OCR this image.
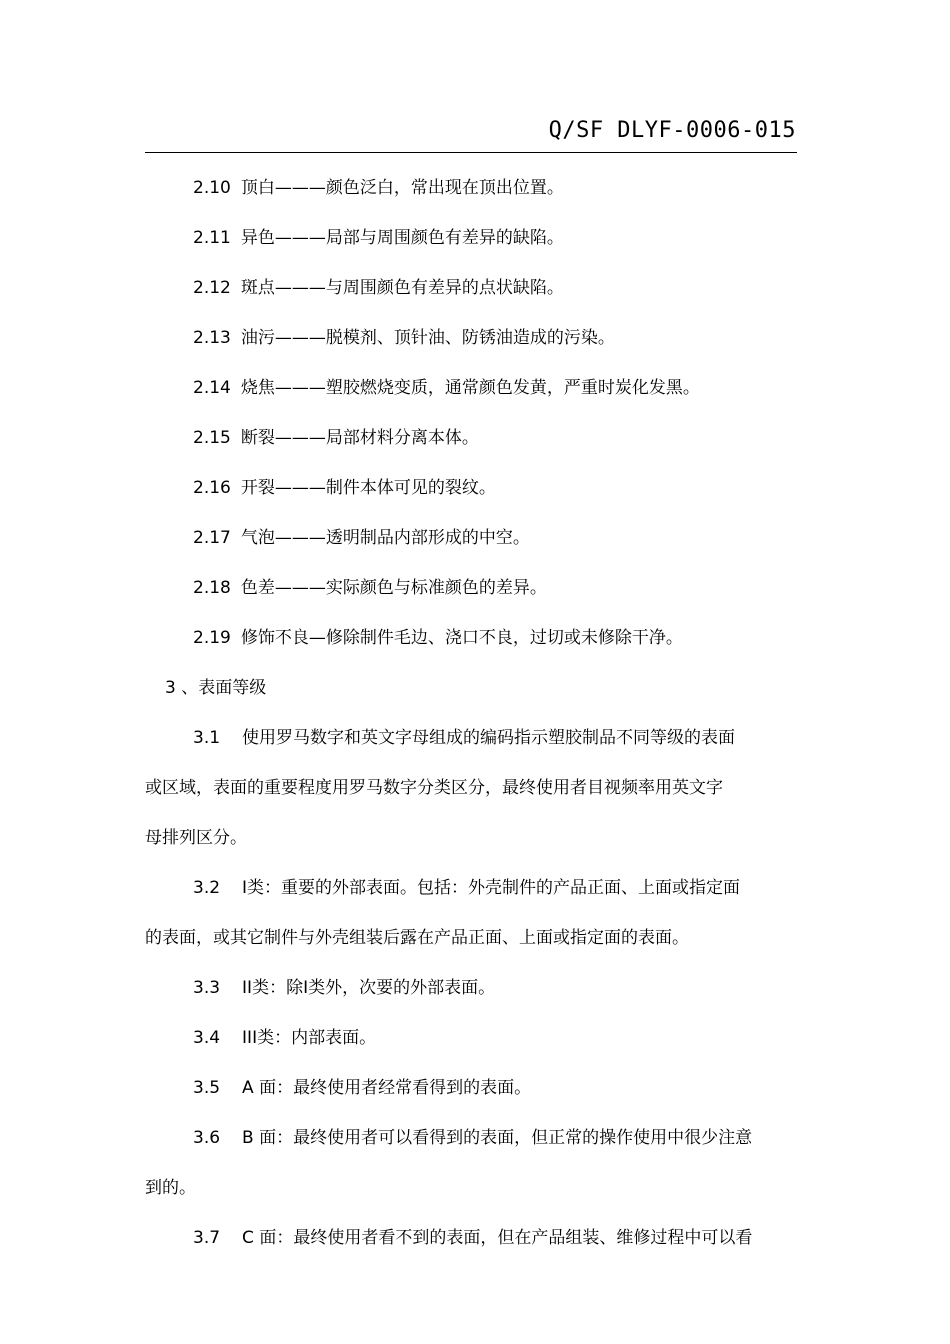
Q/SF DLYF-0006-015
2.10 顶白———颜色泛白，常出现在顶出位置。
2.11 异色———局部与周围颜色有差异的缺陷。
2.12 斑点———与周围颜色有差异的点状缺陷。
2.13 油污———脱模剂、顶针油、防锈油造成的污染。
2.14 烧焦———塑胶燃烧变质，通常颜色发黄，严重时炭化发黑。
2.15 断裂———局部材料分离本体。
2.16 开裂———制件本体可见的裂纹。
2.17 气泡———透明制品内部形成的中空。
2.18 色差———实际颜色与标准颜色的差异。
2.19 修饰不良—修除制件毛边、浇口不良，过切或未修除干净。
3 、表面等级
3.1 使用罗马数字和英文字母组成的编码指示塑胶制品不同等级的表面
或区域，表面的重要程度用罗马数字分类区分，最终使用者目视频率用英文字
母排列区分。
3.2 I类：重要的外部表面。包括：外壳制件的产品正面、上面或指定面
的表面，或其它制件与外壳组装后露在产品正面、上面或指定面的表面。
3.3 II类：除I类外，次要的外部表面。
3.4 III类：内部表面。
3.5 A 面：最终使用者经常看得到的表面。
3.6 B 面：最终使用者可以看得到的表面，但正常的操作使用中很少注意
到的。
3.7 C 面：最终使用者看不到的表面，但在产品组装、维修过程中可以看
